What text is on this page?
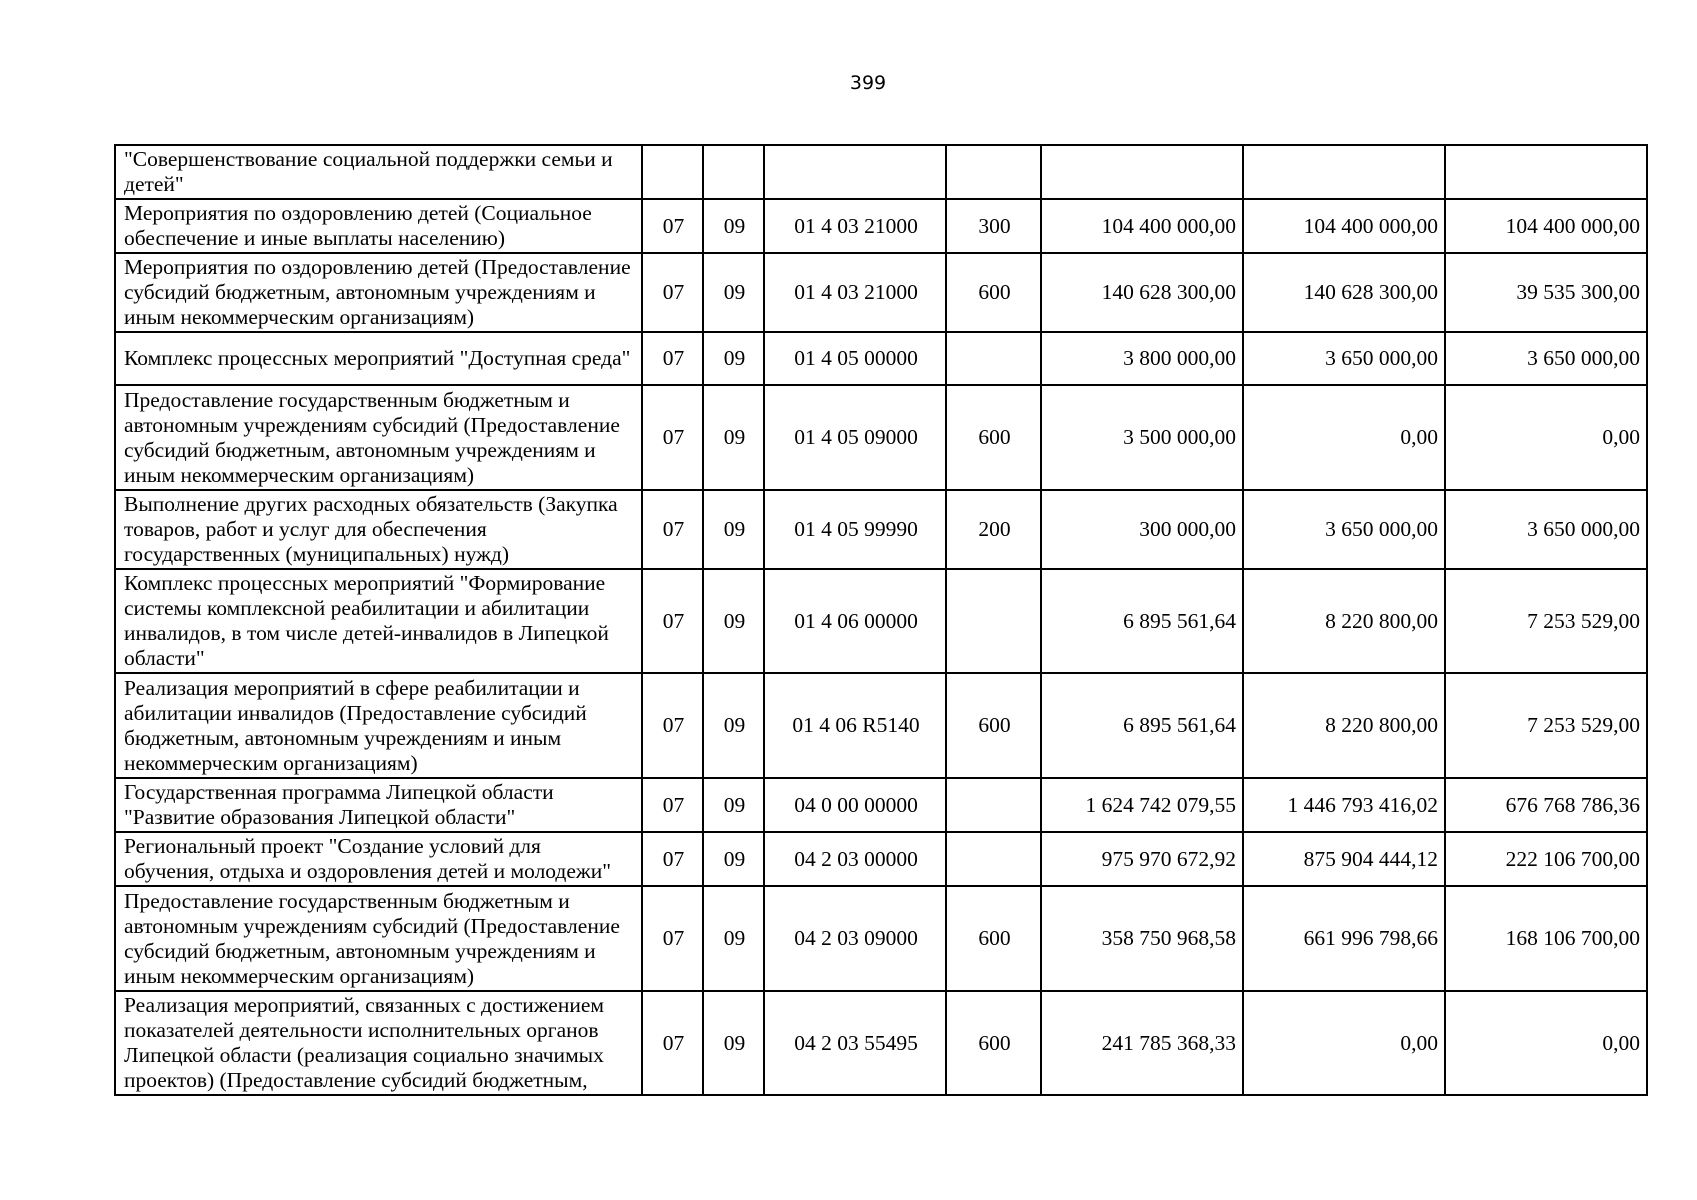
399
"Совершенствование социальной поддержки семьи и детей"							
Мероприятия по оздоровлению детей (Социальное обеспечение и иные выплаты населению)	07	09	01 4 03 21000	300	104 400 000,00	104 400 000,00	104 400 000,00
Мероприятия по оздоровлению детей (Предоставление субсидий бюджетным, автономным учреждениям и иным некоммерческим организациям)	07	09	01 4 03 21000	600	140 628 300,00	140 628 300,00	39 535 300,00
Комплекс процессных мероприятий "Доступная среда"	07	09	01 4 05 00000		3 800 000,00	3 650 000,00	3 650 000,00
Предоставление государственным бюджетным и автономным учреждениям субсидий (Предоставление субсидий бюджетным, автономным учреждениям и иным некоммерческим организациям)	07	09	01 4 05 09000	600	3 500 000,00	0,00	0,00
Выполнение других расходных обязательств (Закупка товаров, работ и услуг для обеспечения государственных (муниципальных) нужд)	07	09	01 4 05 99990	200	300 000,00	3 650 000,00	3 650 000,00
Комплекс процессных мероприятий "Формирование системы комплексной реабилитации и абилитации инвалидов, в том числе детей-инвалидов в Липецкой области"	07	09	01 4 06 00000		6 895 561,64	8 220 800,00	7 253 529,00
Реализация мероприятий в сфере реабилитации и абилитации инвалидов (Предоставление субсидий бюджетным, автономным учреждениям и иным некоммерческим организациям)	07	09	01 4 06 R5140	600	6 895 561,64	8 220 800,00	7 253 529,00
Государственная программа Липецкой области "Развитие образования Липецкой области"	07	09	04 0 00 00000		1 624 742 079,55	1 446 793 416,02	676 768 786,36
Региональный проект "Создание условий для обучения, отдыха и оздоровления детей и молодежи"	07	09	04 2 03 00000		975 970 672,92	875 904 444,12	222 106 700,00
Предоставление государственным бюджетным и автономным учреждениям субсидий (Предоставление субсидий бюджетным, автономным учреждениям и иным некоммерческим организациям)	07	09	04 2 03 09000	600	358 750 968,58	661 996 798,66	168 106 700,00
Реализация мероприятий, связанных с достижением показателей деятельности исполнительных органов Липецкой области (реализация социально значимых проектов) (Предоставление субсидий бюджетным,	07	09	04 2 03 55495	600	241 785 368,33	0,00	0,00
